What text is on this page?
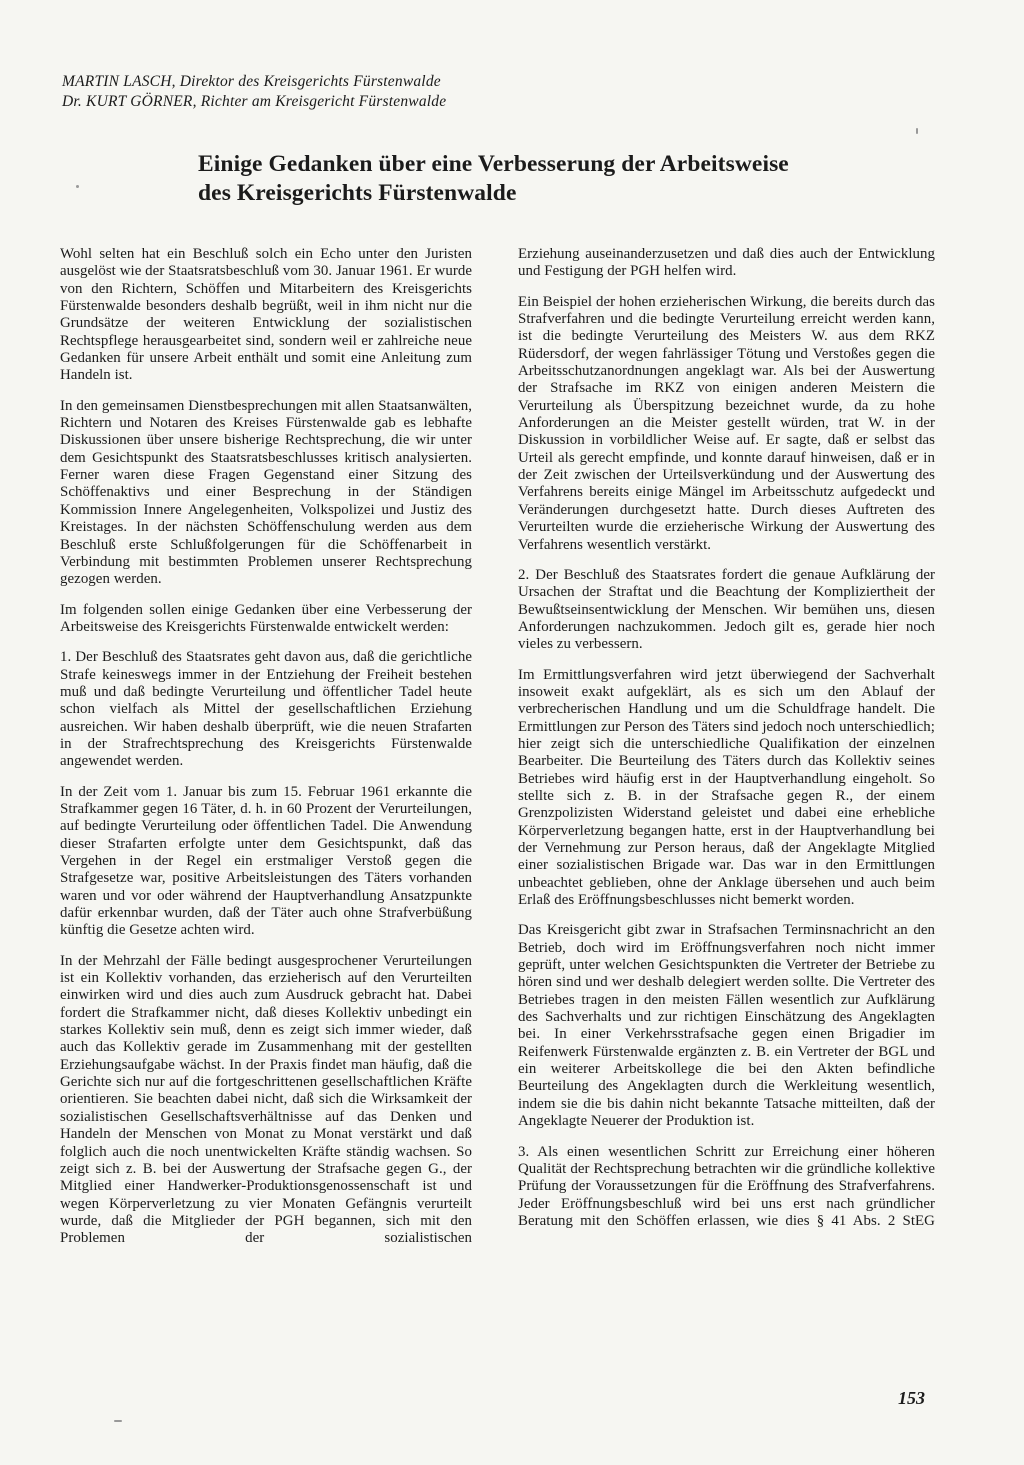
MARTIN LASCH, Direktor des Kreisgerichts Fürstenwalde
Dr. KURT GÖRNER, Richter am Kreisgericht Fürstenwalde
Einige Gedanken über eine Verbesserung der Arbeitsweise
des Kreisgerichts Fürstenwalde

Wohl selten hat ein Beschluß solch ein Echo unter den Juristen ausgelöst wie der Staatsratsbeschluß vom 30. Januar 1961. Er wurde von den Richtern, Schöffen und Mitarbeitern des Kreisgerichts Fürstenwalde besonders deshalb begrüßt, weil in ihm nicht nur die Grundsätze der weiteren Entwicklung der sozialistischen Rechtspflege herausgearbeitet sind, sondern weil er zahlreiche neue Gedanken für unsere Arbeit enthält und somit eine Anleitung zum Handeln ist.

In den gemeinsamen Dienstbesprechungen mit allen Staatsanwälten, Richtern und Notaren des Kreises Fürstenwalde gab es lebhafte Diskussionen über unsere bisherige Rechtsprechung, die wir unter dem Gesichtspunkt des Staatsratsbeschlusses kritisch analysierten. Ferner waren diese Fragen Gegenstand einer Sitzung des Schöffenaktivs und einer Besprechung in der Ständigen Kommission Innere Angelegenheiten, Volkspolizei und Justiz des Kreistages. In der nächsten Schöffenschulung werden aus dem Beschluß erste Schlußfolgerungen für die Schöffenarbeit in Verbindung mit bestimmten Problemen unserer Rechtsprechung gezogen werden.

Im folgenden sollen einige Gedanken über eine Verbesserung der Arbeitsweise des Kreisgerichts Fürstenwalde entwickelt werden:

1. Der Beschluß des Staatsrates geht davon aus, daß die gerichtliche Strafe keineswegs immer in der Entziehung der Freiheit bestehen muß und daß bedingte Verurteilung und öffentlicher Tadel heute schon vielfach als Mittel der gesellschaftlichen Erziehung ausreichen. Wir haben deshalb überprüft, wie die neuen Strafarten in der Strafrechtsprechung des Kreisgerichts Fürstenwalde angewendet werden.

In der Zeit vom 1. Januar bis zum 15. Februar 1961 erkannte die Strafkammer gegen 16 Täter, d. h. in 60 Prozent der Verurteilungen, auf bedingte Verurteilung oder öffentlichen Tadel. Die Anwendung dieser Strafarten erfolgte unter dem Gesichtspunkt, daß das Vergehen in der Regel ein erstmaliger Verstoß gegen die Strafgesetze war, positive Arbeitsleistungen des Täters vorhanden waren und vor oder während der Hauptverhandlung Ansatzpunkte dafür erkennbar wurden, daß der Täter auch ohne Strafverbüßung künftig die Gesetze achten wird.

In der Mehrzahl der Fälle bedingt ausgesprochener Verurteilungen ist ein Kollektiv vorhanden, das erzieherisch auf den Verurteilten einwirken wird und dies auch zum Ausdruck gebracht hat. Dabei fordert die Strafkammer nicht, daß dieses Kollektiv unbedingt ein starkes Kollektiv sein muß, denn es zeigt sich immer wieder, daß auch das Kollektiv gerade im Zusammenhang mit der gestellten Erziehungsaufgabe wächst. In der Praxis findet man häufig, daß die Gerichte sich nur auf die fortgeschrittenen gesellschaftlichen Kräfte orientieren. Sie beachten dabei nicht, daß sich die Wirksamkeit der sozialistischen Gesellschaftsverhältnisse auf das Denken und Handeln der Menschen von Monat zu Monat verstärkt und daß folglich auch die noch unentwickelten Kräfte ständig wachsen. So zeigt sich z. B. bei der Auswertung der Strafsache gegen G., der Mitglied einer Handwerker-Produktionsgenossenschaft ist und wegen Körperverletzung zu vier Monaten Gefängnis verurteilt wurde, daß die Mitglieder der PGH begannen, sich mit den Problemen der sozialistischen

Erziehung auseinanderzusetzen und daß dies auch der Entwicklung und Festigung der PGH helfen wird.

Ein Beispiel der hohen erzieherischen Wirkung, die bereits durch das Strafverfahren und die bedingte Verurteilung erreicht werden kann, ist die bedingte Verurteilung des Meisters W. aus dem RKZ Rüdersdorf, der wegen fahrlässiger Tötung und Verstoßes gegen die Arbeitsschutzanordnungen angeklagt war. Als bei der Auswertung der Strafsache im RKZ von einigen anderen Meistern die Verurteilung als Überspitzung bezeichnet wurde, da zu hohe Anforderungen an die Meister gestellt würden, trat W. in der Diskussion in vorbildlicher Weise auf. Er sagte, daß er selbst das Urteil als gerecht empfinde, und konnte darauf hinweisen, daß er in der Zeit zwischen der Urteilsverkündung und der Auswertung des Verfahrens bereits einige Mängel im Arbeitsschutz aufgedeckt und Veränderungen durchgesetzt hatte. Durch dieses Auftreten des Verurteilten wurde die erzieherische Wirkung der Auswertung des Verfahrens wesentlich verstärkt.

2. Der Beschluß des Staatsrates fordert die genaue Aufklärung der Ursachen der Straftat und die Beachtung der Kompliziertheit der Bewußtseinsentwicklung der Menschen. Wir bemühen uns, diesen Anforderungen nachzukommen. Jedoch gilt es, gerade hier noch vieles zu verbessern.

Im Ermittlungsverfahren wird jetzt überwiegend der Sachverhalt insoweit exakt aufgeklärt, als es sich um den Ablauf der verbrecherischen Handlung und um die Schuldfrage handelt. Die Ermittlungen zur Person des Täters sind jedoch noch unterschiedlich; hier zeigt sich die unterschiedliche Qualifikation der einzelnen Bearbeiter. Die Beurteilung des Täters durch das Kollektiv seines Betriebes wird häufig erst in der Hauptverhandlung eingeholt. So stellte sich z. B. in der Strafsache gegen R., der einem Grenzpolizisten Widerstand geleistet und dabei eine erhebliche Körperverletzung begangen hatte, erst in der Hauptverhandlung bei der Vernehmung zur Person heraus, daß der Angeklagte Mitglied einer sozialistischen Brigade war. Das war in den Ermittlungen unbeachtet geblieben, ohne der Anklage übersehen und auch beim Erlaß des Eröffnungsbeschlusses nicht bemerkt worden.

Das Kreisgericht gibt zwar in Strafsachen Terminsnachricht an den Betrieb, doch wird im Eröffnungsverfahren noch nicht immer geprüft, unter welchen Gesichtspunkten die Vertreter der Betriebe zu hören sind und wer deshalb delegiert werden sollte. Die Vertreter des Betriebes tragen in den meisten Fällen wesentlich zur Aufklärung des Sachverhalts und zur richtigen Einschätzung des Angeklagten bei. In einer Verkehrsstrafsache gegen einen Brigadier im Reifenwerk Fürstenwalde ergänzten z. B. ein Vertreter der BGL und ein weiterer Arbeitskollege die bei den Akten befindliche Beurteilung des Angeklagten durch die Werkleitung wesentlich, indem sie die bis dahin nicht bekannte Tatsache mitteilten, daß der Angeklagte Neuerer der Produktion ist.

3. Als einen wesentlichen Schritt zur Erreichung einer höheren Qualität der Rechtsprechung betrachten wir die gründliche kollektive Prüfung der Voraussetzungen für die Eröffnung des Strafverfahrens. Jeder Eröffnungsbeschluß wird bei uns erst nach gründlicher Beratung mit den Schöffen erlassen, wie dies § 41 Abs. 2 StEG

153
